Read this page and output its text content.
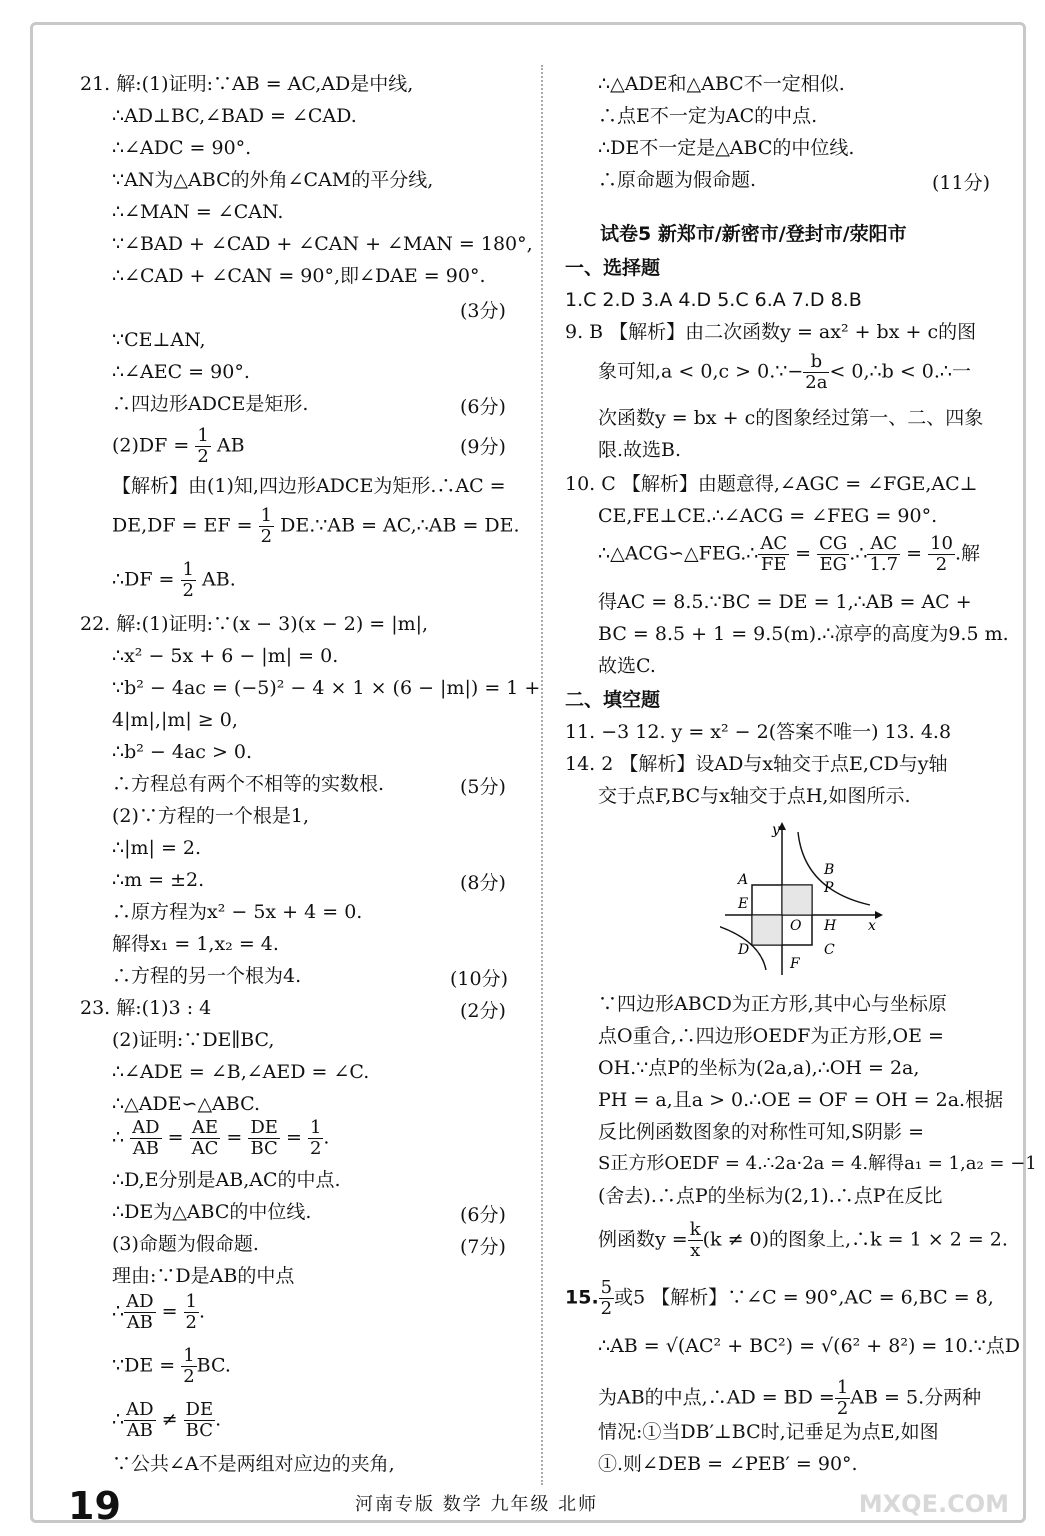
21. 解:(1)证明:∵AB = AC,AD是中线,
∴AD⊥BC,∠BAD = ∠CAD.
∴∠ADC = 90°.
∵AN为△ABC的外角∠CAM的平分线,
∴∠MAN = ∠CAN.
∵∠BAD + ∠CAD + ∠CAN + ∠MAN = 180°,
∴∠CAD + ∠CAN = 90°,即∠DAE = 90°.
(3分)
∵CE⊥AN,
∴∠AEC = 90°.
∴四边形ADCE是矩形.	(6分)
$(2)DF = \frac{1}{2}$ AB	(9分)
【解析】由(1)知,四边形ADCE为矩形.∴AC =
DE,DF = EF = $\frac{1}{2}$ DE.∵AB = AC,∴AB = DE.
∴DF = $\frac{1}{2}$ AB.
22. 解:(1)证明:∵(x − 3)(x − 2) = |m|,
∴x² − 5x + 6 − |m| = 0.
∵b² − 4ac = (−5)² − 4 × 1 × (6 − |m|) = 1 +
4|m|,|m| ≥ 0,
∴b² − 4ac > 0.
∴方程总有两个不相等的实数根.	(5分)
(2)∵方程的一个根是1,
∴|m| = 2.
∴m = ±2.	(8分)
∴原方程为x² − 5x + 4 = 0.
解得x₁ = 1,x₂ = 4.
∴方程的另一个根为4.	(10分)
23. 解:(1)3 : 4	(2分)
(2)证明:∵DE∥BC,
∴∠ADE = ∠B,∠AED = ∠C.
∴△ADE∽△ABC.
∴ $\frac{AD}{AB} = \frac{AE}{AC} = \frac{DE}{BC} = \frac{1}{2}$ .
∴D,E分别是AB,AC的中点.
∴DE为△ABC的中位线.	(6分)
(3)命题为假命题.	(7分)
理由:∵D是AB的中点
∴ $\frac{AD}{AB} = \frac{1}{2}$ .
∵DE = $\frac{1}{2}$ BC.
∴ $\frac{AD}{AB} \ne \frac{DE}{BC}$ .
∵公共∠A不是两组对应边的夹角,
∴△ADE和△ABC不一定相似.
∴点E不一定为AC的中点.
∴DE不一定是△ABC的中位线.
∴原命题为假命题.	(11分)
试卷5 新郑市/新密市/登封市/荥阳市
一、选择题
1.C 2.D 3.A 4.D 5.C 6.A 7.D 8.B
9. B 【解析】由二次函数y = ax² + bx + c的图
象可知,a < 0,c > 0.∵− $\frac{b}{2a}$ < 0,∴b < 0.∴一
次函数y = bx + c的图象经过第一、二、四象
限.故选B.
10. C 【解析】由题意得,∠AGC = ∠FGE,AC⊥
CE,FE⊥CE.∴∠ACG = ∠FEG = 90°.
∴△ACG∽△FEG.∴ $\frac{AC}{FE} = \frac{CG}{EG}$ .∴ $\frac{AC}{1.7} = \frac{10}{2}$ .解
得AC = 8.5.∵BC = DE = 1,∴AB = AC +
BC = 8.5 + 1 = 9.5(m).∴凉亭的高度为9.5 m.
故选C.
二、填空题
11. −3 12. y = x² − 2(答案不唯一) 13. 4.8
14. 2 【解析】设AD与x轴交于点E,CD与y轴
交于点F,BC与x轴交于点H,如图所示.
y
x
A
B
P
E
O H
D
F
C
∵四边形ABCD为正方形,其中心与坐标原
点O重合,∴四边形OEDF为正方形,OE =
OH.∵点P的坐标为(2a,a),∴OH = 2a,
PH = a,且a > 0.∴OE = OF = OH = 2a.根据
反比例函数图象的对称性可知,S阴影 =
S正方形OEDF = 4.∴2a·2a = 4.解得a₁ = 1,a₂ = −1
(舍去).∴点P的坐标为(2,1).∴点P在反比
例函数$y = \frac{k}{x} (k \ne 0)$的图象上,∴k = 1 × 2 = 2.
15. $\frac{5}{2}$ 或5 【解析】∵∠C = 90°,AC = 6,BC = 8,
∴AB = √(AC² + BC²) = √(6² + 8²) = 10.∵点D
为AB的中点,∴AD = BD = $\frac{1}{2}$ AB = 5.分两种
情况:①当DB′⊥BC时,记垂足为点E,如图
①.则∠DEB = ∠PEB′ = 90°.
19	河南专版 数学 九年级 北师	MXQE.COM
